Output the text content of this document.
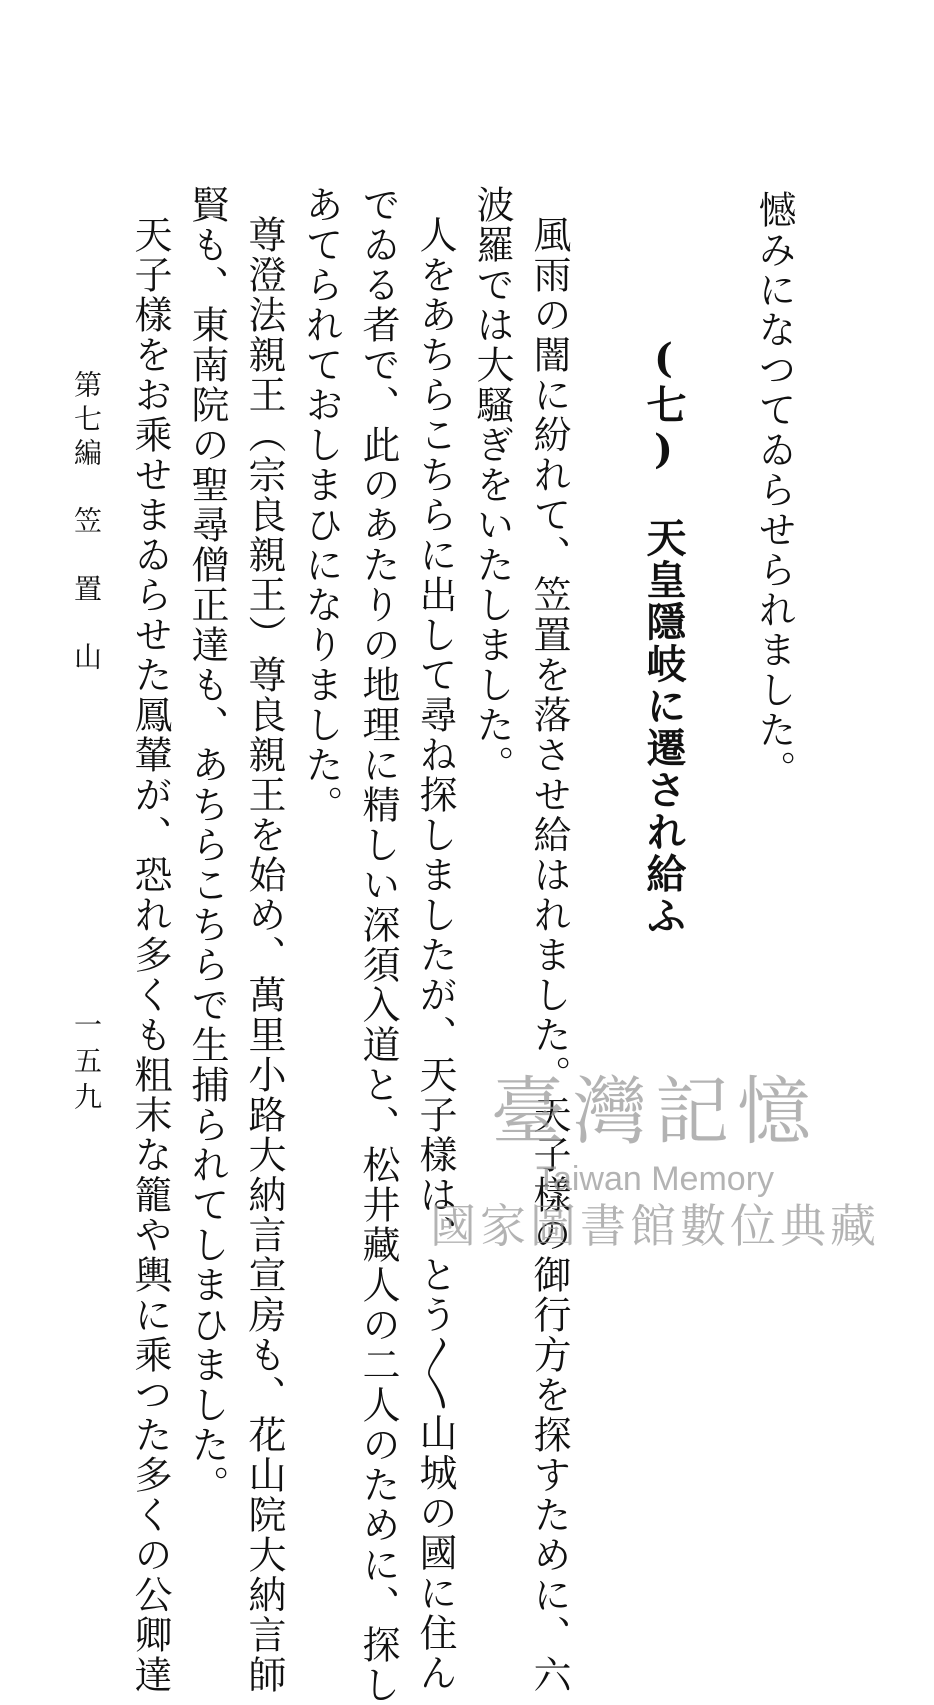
憾みになつてゐらせられました。
(七)　天皇隱岐に遷され給ふ
風雨の闇に紛れて、笠置を落させ給はれました。天子樣の御行方を探すために、六
波羅では大騷ぎをいたしました。
人をあちらこちらに出して尋ね探しましたが、天子樣は、とう〱山城の國に住ん
でゐる者で、此のあたりの地理に精しい深須入道と、松井藏人の二人のために、探し
あてられておしまひになりました。
尊澄法親王（宗良親王）尊良親王を始め、萬里小路大納言宣房も、花山院大納言師
賢も、東南院の聖尋僧正達も、あちらこちらで生捕られてしまひました。
天子樣をお乘せまゐらせた鳳輦が、恐れ多くも粗末な籠や輿に乘つた多くの公卿達
第七編　笠　置　山
一五九	臺灣記憶
Taiwan Memory
國家圖書館數位典藏
